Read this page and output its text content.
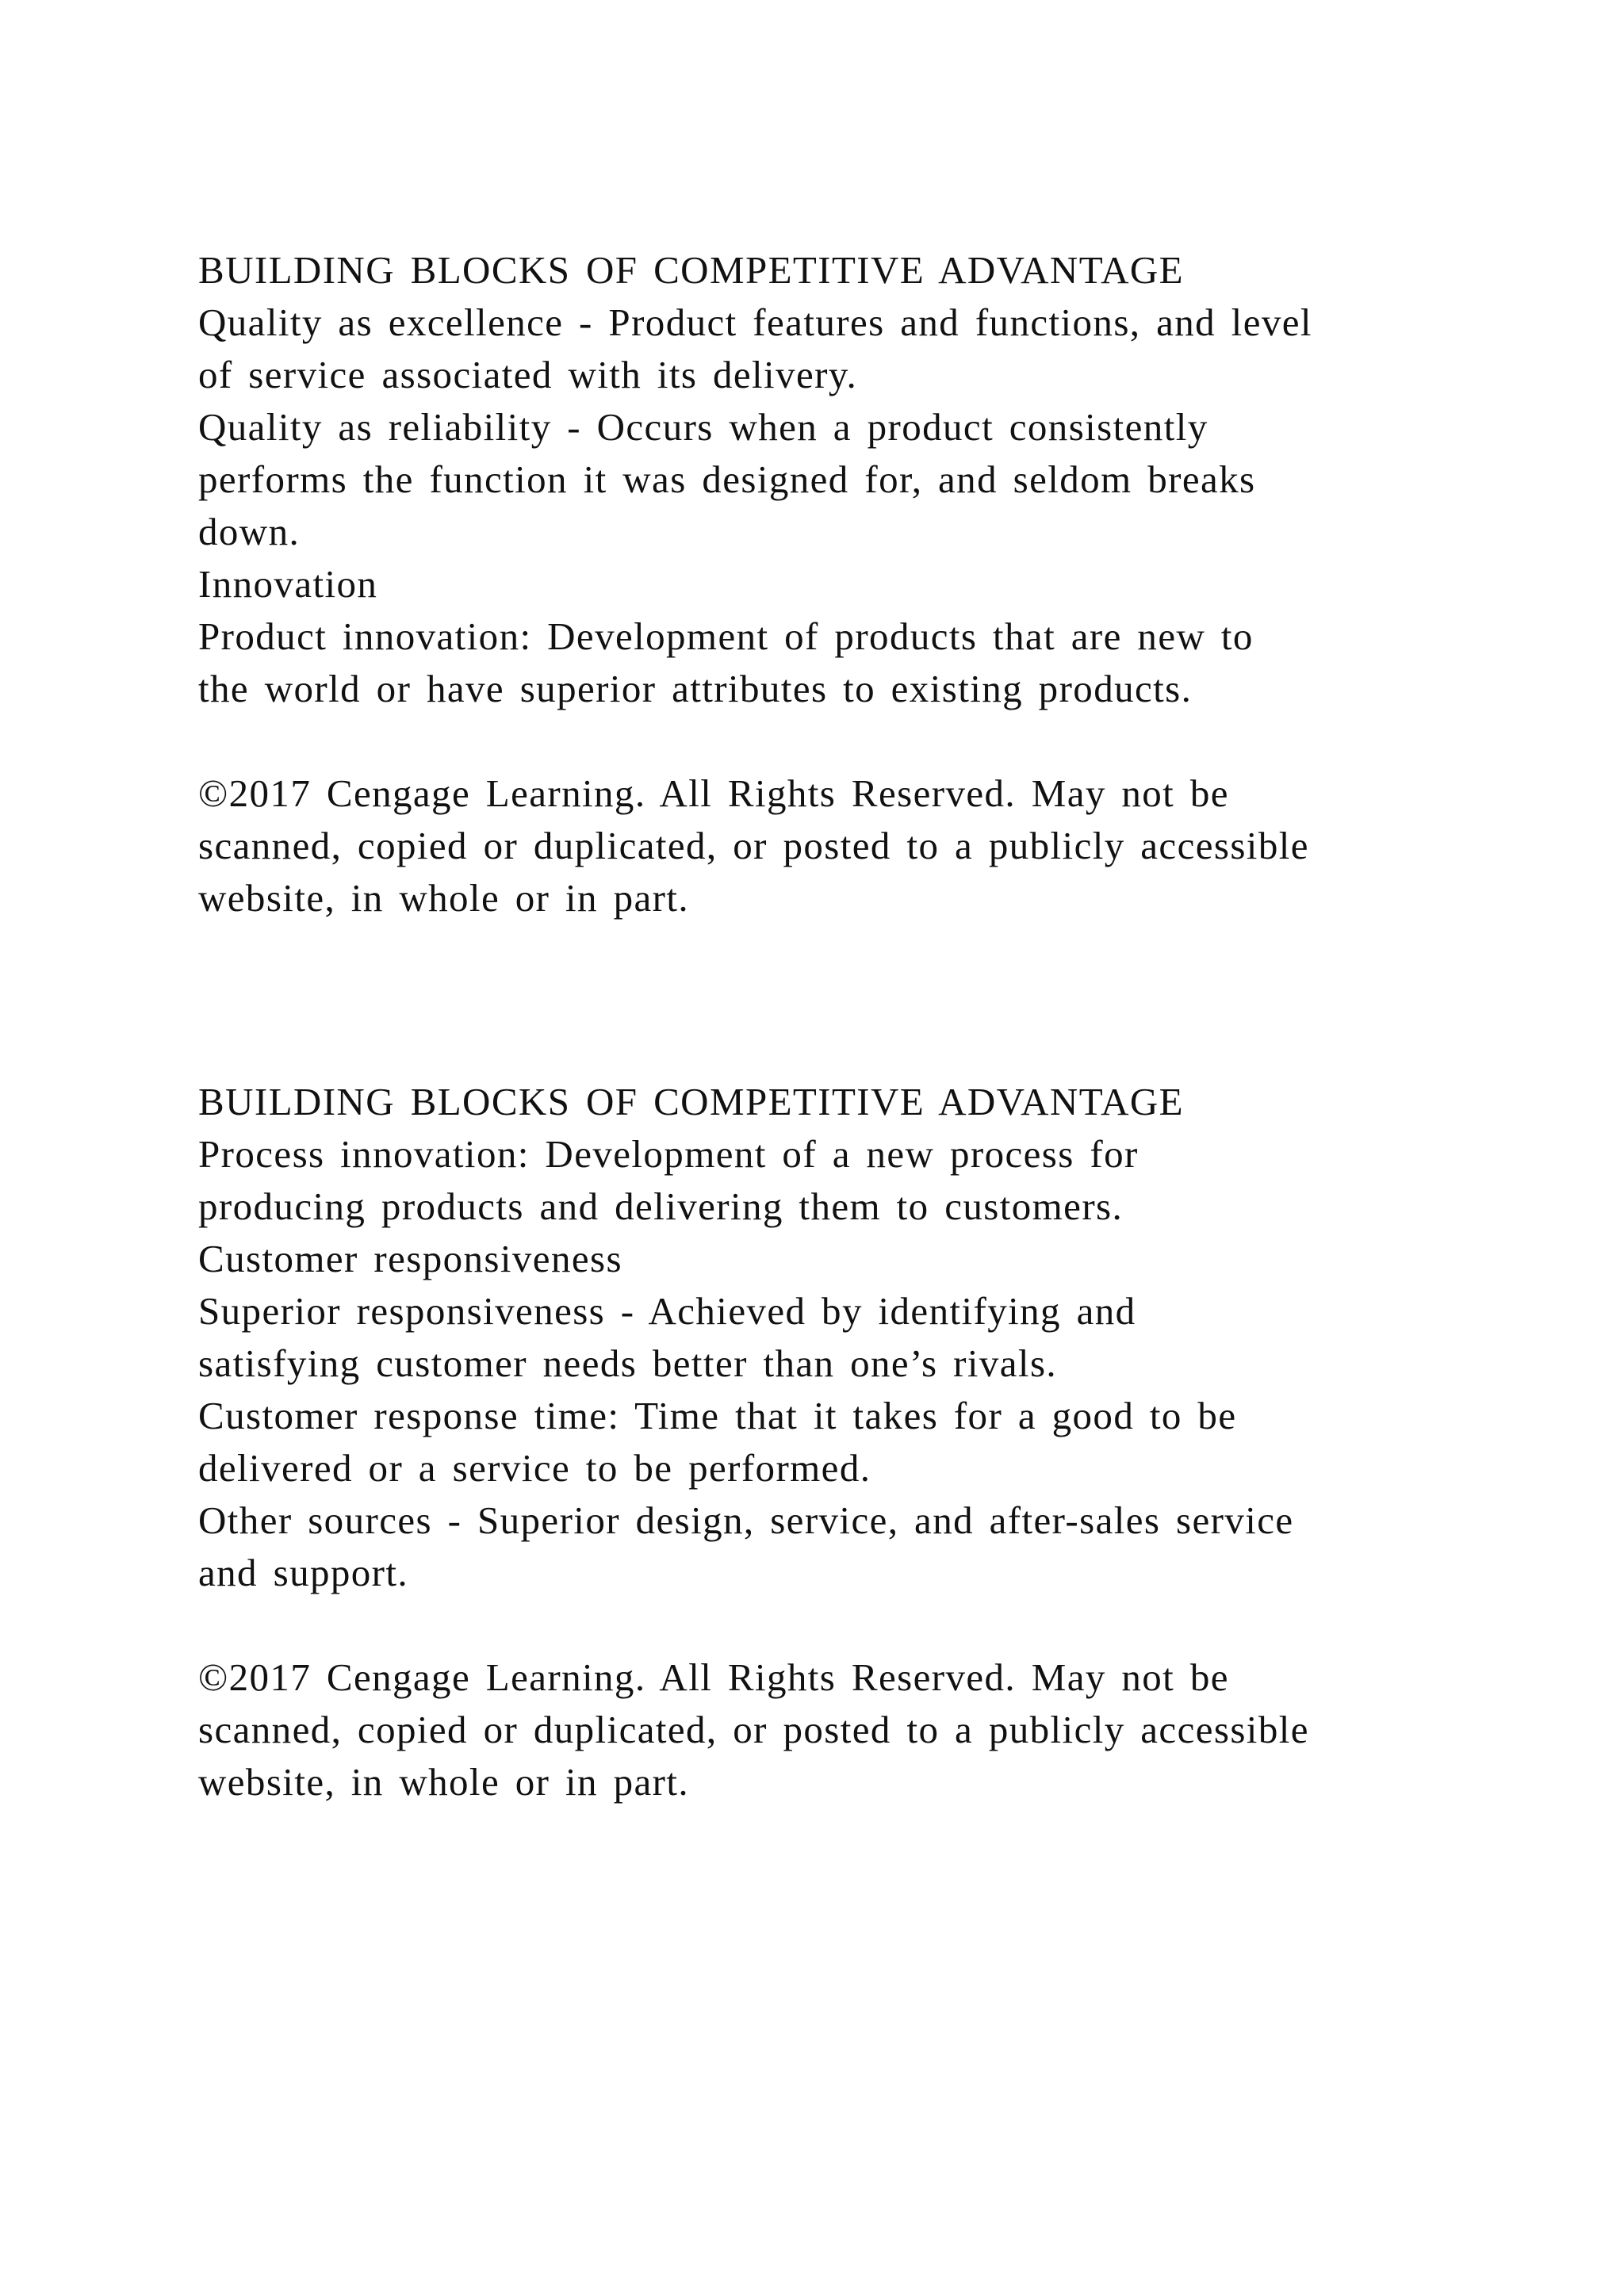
BUILDING BLOCKS OF COMPETITIVE ADVANTAGE
Quality as excellence - Product features and functions, and level
of service associated with its delivery.
Quality as reliability - Occurs when a product consistently
performs the function it was designed for, and seldom breaks
down.
Innovation
Product innovation: Development of products that are new to
the world or have superior attributes to existing products.
©2017 Cengage Learning. All Rights Reserved. May not be
scanned, copied or duplicated, or posted to a publicly accessible
website, in whole or in part.
BUILDING BLOCKS OF COMPETITIVE ADVANTAGE
Process innovation: Development of a new process for
producing products and delivering them to customers.
Customer responsiveness
Superior responsiveness - Achieved by identifying and
satisfying customer needs better than one’s rivals.
Customer response time: Time that it takes for a good to be
delivered or a service to be performed.
Other sources - Superior design, service, and after-sales service
and support.
©2017 Cengage Learning. All Rights Reserved. May not be
scanned, copied or duplicated, or posted to a publicly accessible
website, in whole or in part.
